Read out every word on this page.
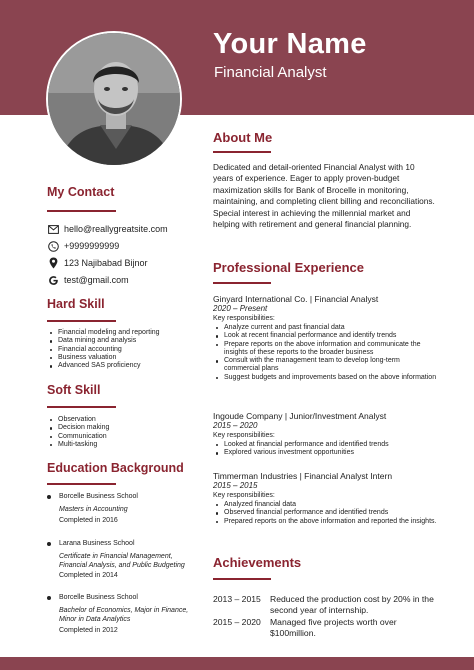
Your Name
Financial Analyst
My Contact
hello@reallygreatsite.com
+9999999999
123 Najibabad Bijnor
test@gmail.com
Hard Skill
Financial modeling and reporting
Data mining and analysis
Financial accounting
Business valuation
Advanced SAS proficiency
Soft Skill
Observation
Decision making
Communication
Multi-tasking
Education Background
Borcelle Business School
Masters in Accounting
Completed in 2016
Larana Business School
Certificate in Financial Management,
Financial Analysis, and Public Budgeting
Completed in 2014
Borcelle Business School
Bachelor of Economics, Major in Finance,
Minor in Data Analytics
Completed in 2012
About Me
Dedicated and detail-oriented Financial Analyst with 10 years of experience. Eager to apply proven-budget maximization skills for Bank of Brocelle in monitoring, maintaining, and completing client billing and reconciliations. Special interest in achieving the millennial market and helping with retirement and general financial planning.
Professional Experience
Ginyard International Co. | Financial Analyst
2020 – Present
Key responsibilities:
Analyze current and past financial data
Look at recent financial performance and identify trends
Prepare reports on the above information and communicate the insights of these reports to the broader business
Consult with the management team to develop long-term commercial plans
Suggest budgets and improvements based on the above information
Ingoude Company | Junior/Investment Analyst
2015 – 2020
Key responsibilities:
Looked at financial performance and identified trends
Explored various investment opportunities
Timmerman Industries | Financial Analyst Intern
2015 – 2015
Key responsibilities:
Analyzed financial data
Observed financial performance and identified trends
Prepared reports on the above information and reported the insights.
Achievements
2013 – 2015 Reduced the production cost by 20% in the second year of internship.
2015 – 2020 Managed five projects worth over $100million.
